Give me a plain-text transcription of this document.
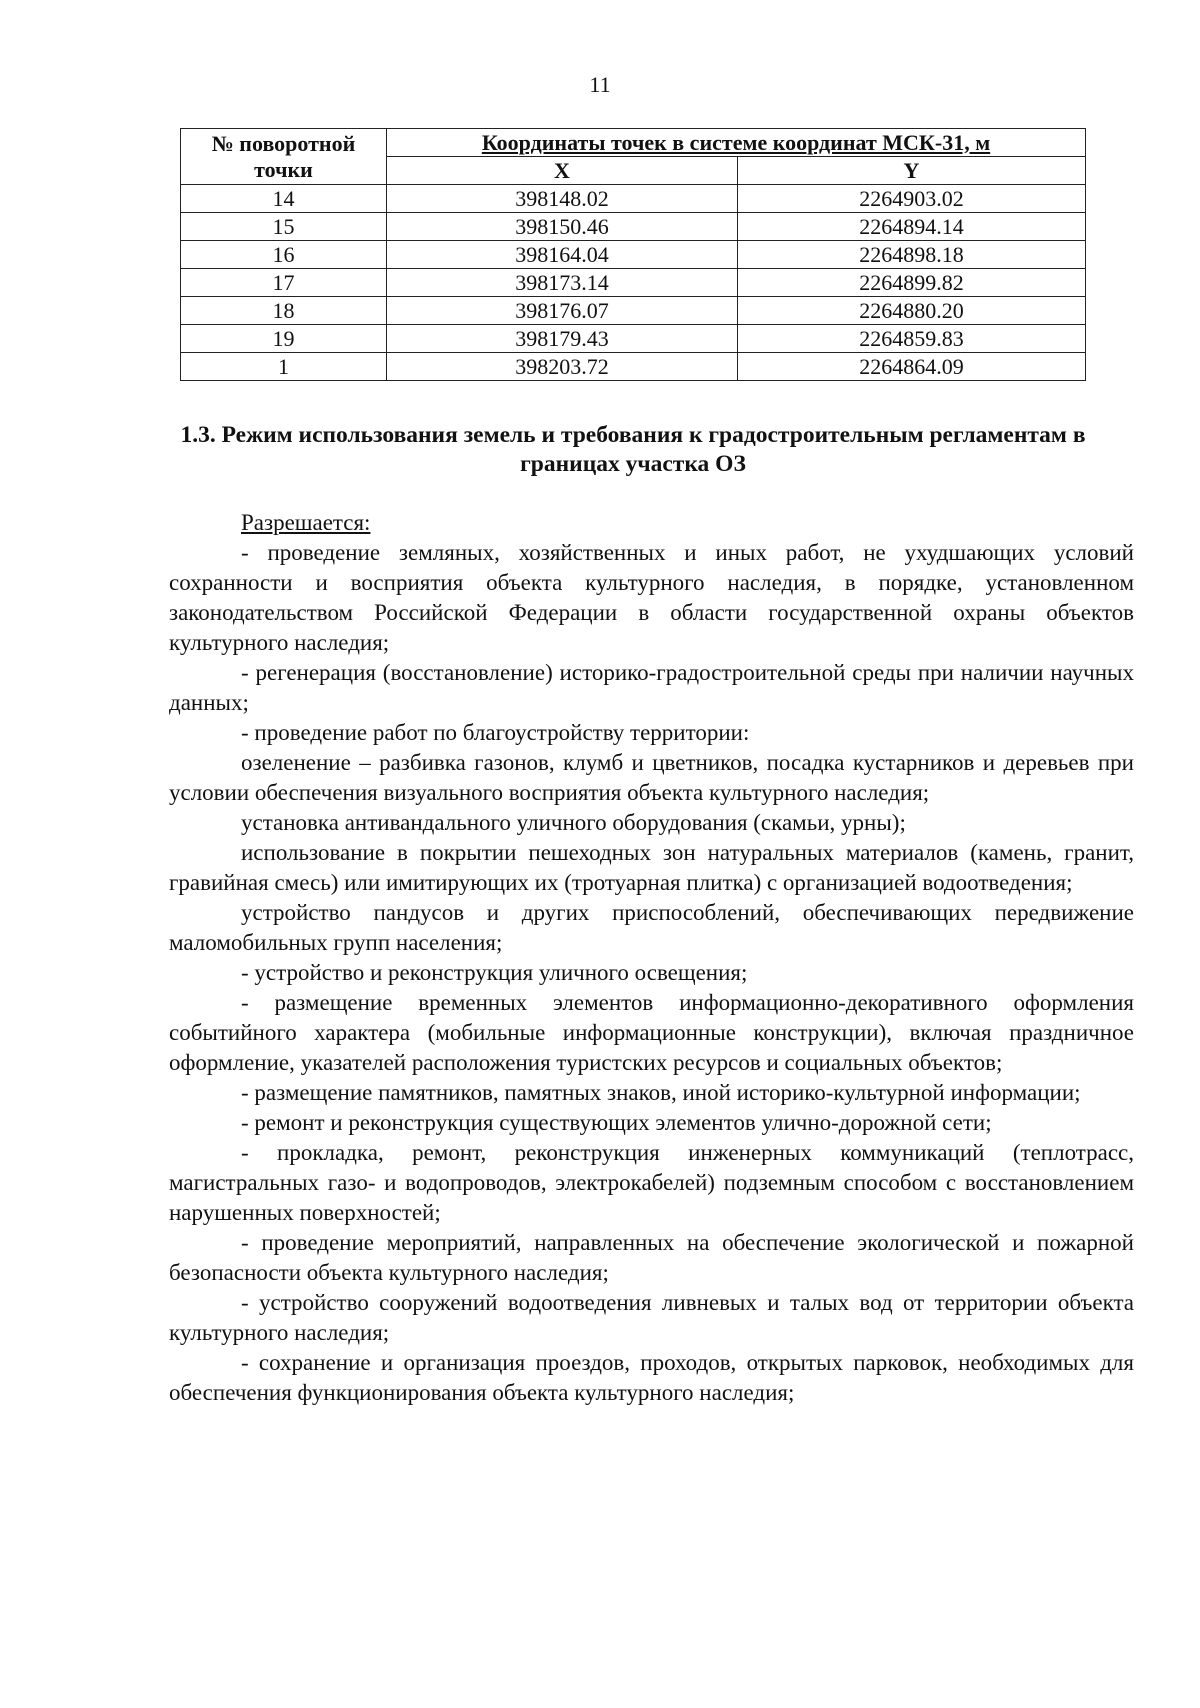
11
№ поворотной точки	Координаты точек в системе координат МСК-31, м	
	X	Y
14	398148.02	2264903.02
15	398150.46	2264894.14
16	398164.04	2264898.18
17	398173.14	2264899.82
18	398176.07	2264880.20
19	398179.43	2264859.83
1	398203.72	2264864.09
1.3. Режим использования земель и требования к градостроительным регламентам в границах участка ОЗ

Разрешается:

- проведение земляных, хозяйственных и иных работ, не ухудшающих условий сохранности и восприятия объекта культурного наследия, в порядке, установленном законодательством Российской Федерации в области государственной охраны объектов культурного наследия;

- регенерация (восстановление) историко-градостроительной среды при наличии научных данных;

- проведение работ по благоустройству территории:

озеленение – разбивка газонов, клумб и цветников, посадка кустарников и деревьев при условии обеспечения визуального восприятия объекта культурного наследия;

установка антивандального уличного оборудования (скамьи, урны);

использование в покрытии пешеходных зон натуральных материалов (камень, гранит, гравийная смесь) или имитирующих их (тротуарная плитка) с организацией водоотведения;

устройство пандусов и других приспособлений, обеспечивающих передвижение маломобильных групп населения;

- устройство и реконструкция уличного освещения;

- размещение временных элементов информационно-декоративного оформления событийного характера (мобильные информационные конструкции), включая праздничное оформление, указателей расположения туристских ресурсов и социальных объектов;

- размещение памятников, памятных знаков, иной историко-культурной информации;

- ремонт и реконструкция существующих элементов улично-дорожной сети;

- прокладка, ремонт, реконструкция инженерных коммуникаций (теплотрасс, магистральных газо- и водопроводов, электрокабелей) подземным способом с восстановлением нарушенных поверхностей;

- проведение мероприятий, направленных на обеспечение экологической и пожарной безопасности объекта культурного наследия;

- устройство сооружений водоотведения ливневых и талых вод от территории объекта культурного наследия;

- сохранение и организация проездов, проходов, открытых парковок, необходимых для обеспечения функционирования объекта культурного наследия;
